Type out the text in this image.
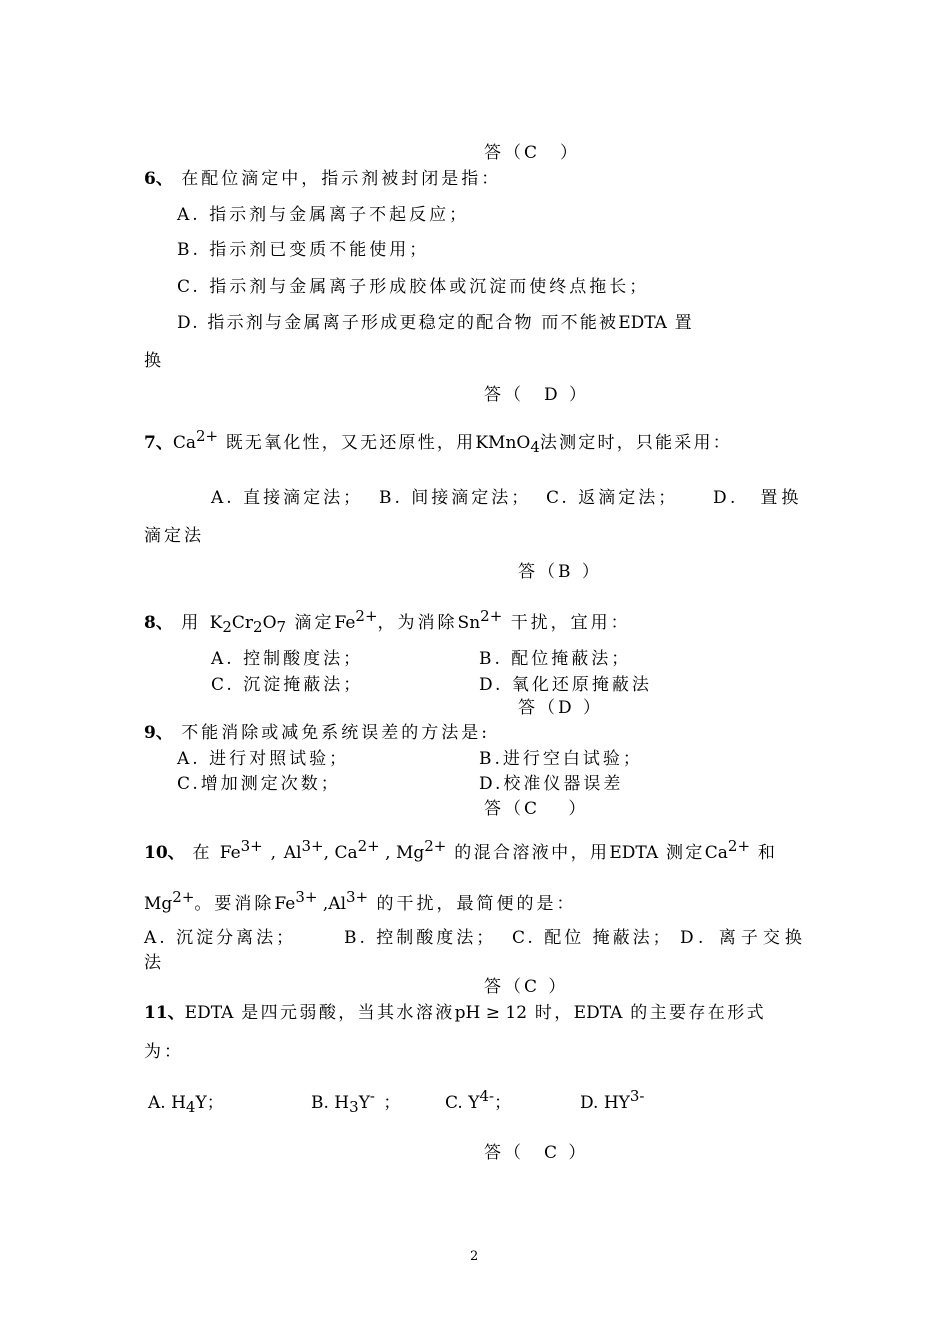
答（C　）
6、 在配位滴定中，指示剂被封闭是指：
A. 指示剂与金属离子不起反应；
B. 指示剂已变质不能使用；
C. 指示剂与金属离子形成胶体或沉淀而使终点拖长；
D. 指示剂与金属离子形成更稳定的配合物 而不能被EDTA 置
换
答（　D ）
7、Ca2+ 既无氧化性，又无还原性，用KMnO4法测定时，只能采用：
A. 直接滴定法； B. 间接滴定法； C. 返滴定法； D.　置换
滴定法
答（B ）
8、 用 K2Cr2O7 滴定Fe2+，为消除Sn2+ 干扰，宜用：
A. 控制酸度法；	B. 配位掩蔽法；
C. 沉淀掩蔽法；	D. 氧化还原掩蔽法
答（D ）
9、 不能消除或减免系统误差的方法是:
A. 进行对照试验；	B.进行空白试验；
C.增加测定次数；	D.校准仪器误差
答（C　 ）
10、 在 Fe3+ , Al3+, Ca2+ , Mg2+ 的混合溶液中，用EDTA 测定Ca2+ 和
Mg2+。要消除Fe3+ ,Al3+ 的干扰，最简便的是：
A. 沉淀分离法；	B. 控制酸度法； C. 配位 掩蔽法； D. 离子交换
法
答（C ）
11、EDTA 是四元弱酸，当其水溶液pH ≥ 12 时，EDTA 的主要存在形式
为：
A. H4Y；	B. H3Y- ；	C. Y4-；	D. HY3-
答（　C ）
2
